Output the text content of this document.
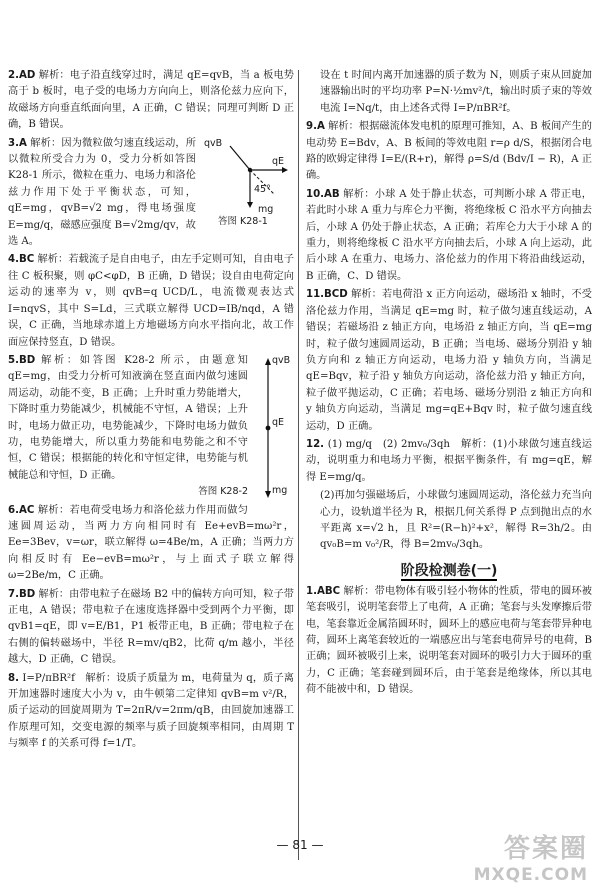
2.AD 解析：电子沿直线穿过时，满足 qE=qvB，当 a 板电势高于 b 板时，电子受的电场力方向向上，则洛伦兹力应向下，故磁场方向垂直纸面向里，A 正确，C 错误；同理可判断 D 正确，B 错误。
qvB
qE
45°
mg
答图 K28-1
3.A 解析：因为微粒做匀速直线运动，所以微粒所受合力为 0，受力分析如答图 K28-1 所示，微粒在重力、电场力和洛伦兹力作用下处于平衡状态，可知，qE=mg，qvB=√2 mg，得电场强度 E=mg/q，磁感应强度 B=√2mg/qv，故选 A。
4.BC 解析：若载流子是自由电子，由左手定则可知，自由电子往 C 板积聚，则 φC<φD，B 正确，D 错误；设自由电荷定向运动的速率为 v，则 qvB=q UCD/L，电流微观表达式 I=nqvS，其中 S=Ld，三式联立解得 UCD=IB/nqd，A 错误，C 正确，当地球赤道上方地磁场方向水平指向北，故工作面应保持竖直，D 错误。
qvB
qE
mg
5.BD 解析：如答图 K28-2 所示，由题意知 qE=mg，由受力分析可知液滴在竖直面内做匀速圆周运动，动能不变，B 正确；上升时重力势能增大，下降时重力势能减少，机械能不守恒，A 错误；上升时，电场力做正功，电势能减少，下降时电场力做负功，电势能增大，所以重力势能和电势能之和不守恒，C 错误；根据能的转化和守恒定律，电势能与机械能总和守恒，D 正确。
答图 K28-2
6.AC 解析：若电荷受电场力和洛伦兹力作用而做匀速圆周运动，当两力方向相同时有 Ee+evB=mω²r，Ee=3Bev，v=ωr，联立解得 ω=4Be/m，A 正确；当两力方向相反时有 Ee−evB=mω²r，与上面式子联立解得 ω=2Be/m，C 正确。
7.BD 解析：由带电粒子在磁场 B2 中的偏转方向可知，粒子带正电，A 错误；带电粒子在速度选择器中受到两个力平衡，即 qvB1=qE，即 v=E/B1，P1 板带正电，B 正确；带电粒子在右侧的偏转磁场中，半径 R=mv/qB2，比荷 q/m 越小，半径越大，D 正确，C 错误。
8. I=P/πBR²f　解析：设质子质量为 m，电荷量为 q，质子离开加速器时速度大小为 v，由牛顿第二定律知 qvB=m v²/R，质子运动的回旋周期为 T=2πR/v=2πm/qB，由回旋加速器工作原理可知，交变电源的频率与质子回旋频率相同，由周期 T 与频率 f 的关系可得 f=1/T。
设在 t 时间内离开加速器的质子数为 N，则质子束从回旋加速器输出时的平均功率 P=N·½mv²/t，输出时质子束的等效电流 I=Nq/t，由上述各式得 I=P/πBR²f。
9.A 解析：根据磁流体发电机的原理可推知，A、B 板间产生的电动势 E=Bdv，A、B 板间的等效电阻 r=ρ d/S，根据闭合电路的欧姆定律得 I=E/(R+r)，解得 ρ=S/d (Bdv/I − R)，A 正确。
10.AB 解析：小球 A 处于静止状态，可判断小球 A 带正电，若此时小球 A 重力与库仑力平衡，将绝缘板 C 沿水平方向抽去后，小球 A 仍处于静止状态，A 正确；若库仑力大于小球 A 的重力，则将绝缘板 C 沿水平方向抽去后，小球 A 向上运动，此后小球 A 在重力、电场力、洛伦兹力的作用下将沿曲线运动，B 正确，C、D 错误。
11.BCD 解析：若电荷沿 x 正方向运动，磁场沿 x 轴时，不受洛伦兹力作用，当满足 qE=mg 时，粒子做匀速直线运动，A 错误；若磁场沿 z 轴正方向，电场沿 z 轴正方向，当 qE=mg 时，粒子做匀速圆周运动，B 正确；当电场、磁场分别沿 y 轴负方向和 z 轴正方向运动，电场力沿 y 轴负方向，当满足 qE=Bqv，粒子沿 y 轴负方向运动，洛伦兹力沿 y 轴正方向，粒子做平抛运动，C 正确；若电场、磁场分别沿 z 轴正方向和 y 轴负方向运动，当满足 mg=qE+Bqv 时，粒子做匀速直线运动，D 正确。
12. (1) mg/q　(2) 2mv₀/3qh　解析：(1)小球做匀速直线运动，说明重力和电场力平衡，根据平衡条件，有 mg=qE，解得 E=mg/q。
(2)再加匀强磁场后，小球做匀速圆周运动，洛伦兹力充当向心力，设轨道半径为 R，根据几何关系得 P 点到抛出点的水平距离 x=√2 h，且 R²=(R−h)²+x²，解得 R=3h/2。由 qv₀B=m v₀²/R，得 B=2mv₀/3qh。
阶段检测卷(一)
1.ABC 解析：带电物体有吸引轻小物体的性质，带电的圆环被笔套吸引，说明笔套带上了电荷，A 正确；笔套与头发摩擦后带电，笔套靠近金属箔圆环时，圆环上的感应电荷与笔套带异种电荷，圆环上离笔套较近的一端感应出与笔套电荷异号的电荷，B 正确；圆环被吸引上来，说明笔套对圆环的吸引力大于圆环的重力，C 正确；笔套碰到圆环后，由于笔套是绝缘体，所以其电荷不能被中和，D 错误。
— 81 —	答案圈
MXQE.COM
